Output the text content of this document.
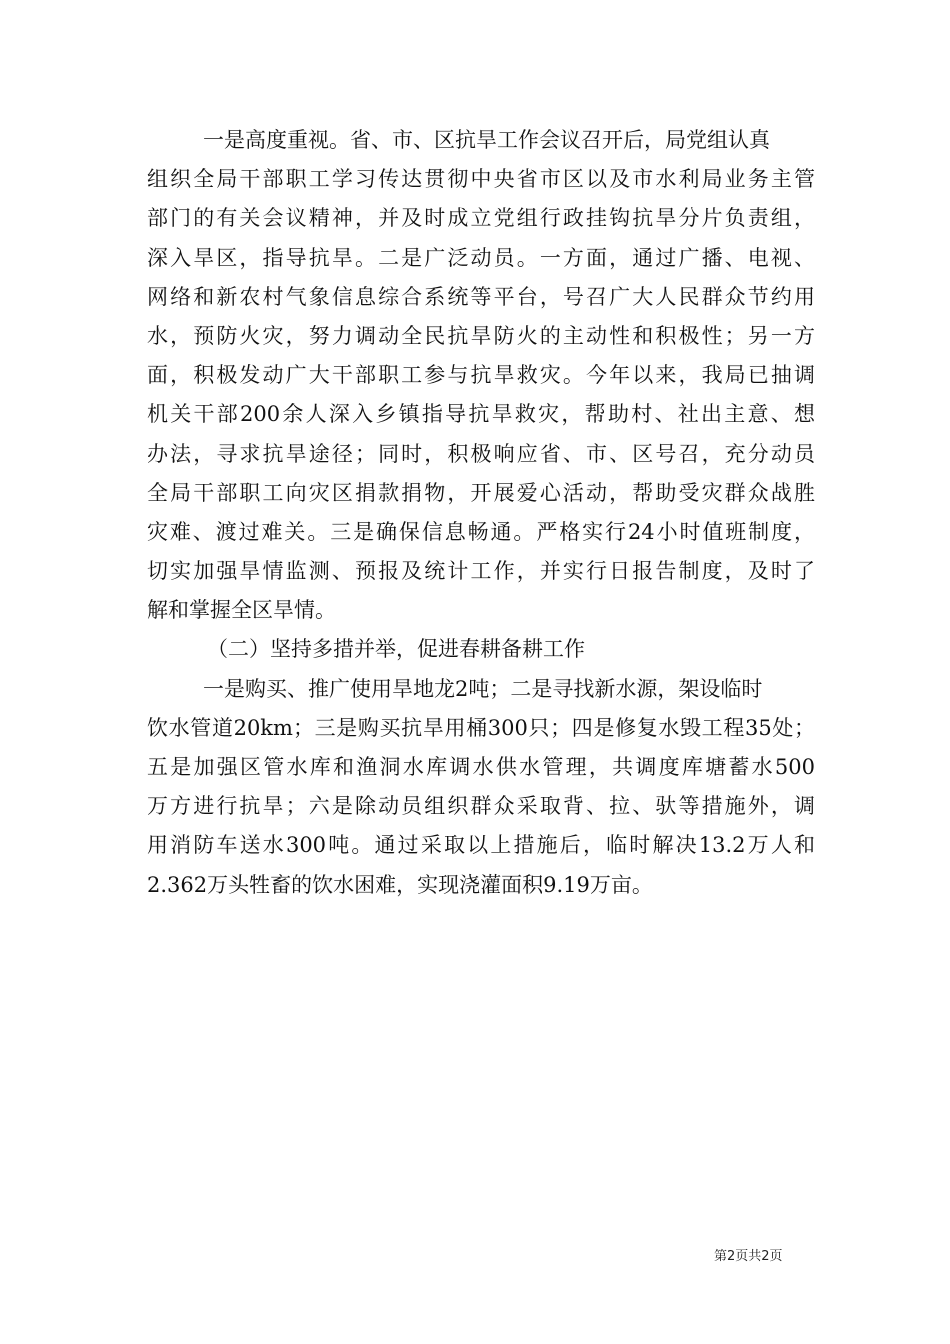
一是高度重视。省、市、区抗旱工作会议召开后，局党组认真
组织全局干部职工学习传达贯彻中央省市区以及市水利局业务主管
部门的有关会议精神，并及时成立党组行政挂钩抗旱分片负责组，
深入旱区，指导抗旱。二是广泛动员。一方面，通过广播、电视、
网络和新农村气象信息综合系统等平台，号召广大人民群众节约用
水，预防火灾，努力调动全民抗旱防火的主动性和积极性；另一方
面，积极发动广大干部职工参与抗旱救灾。今年以来，我局已抽调
机关干部200余人深入乡镇指导抗旱救灾，帮助村、社出主意、想
办法，寻求抗旱途径；同时，积极响应省、市、区号召，充分动员
全局干部职工向灾区捐款捐物，开展爱心活动，帮助受灾群众战胜
灾难、渡过难关。三是确保信息畅通。严格实行24小时值班制度，
切实加强旱情监测、预报及统计工作，并实行日报告制度，及时了
解和掌握全区旱情。
（二）坚持多措并举，促进春耕备耕工作
一是购买、推广使用旱地龙2吨；二是寻找新水源，架设临时
饮水管道20km；三是购买抗旱用桶300只；四是修复水毁工程35处；
五是加强区管水库和渔洞水库调水供水管理，共调度库塘蓄水500
万方进行抗旱；六是除动员组织群众采取背、拉、驮等措施外，调
用消防车送水300吨。通过采取以上措施后，临时解决13.2万人和
2.362万头牲畜的饮水困难，实现浇灌面积9.19万亩。
第2页共2页
